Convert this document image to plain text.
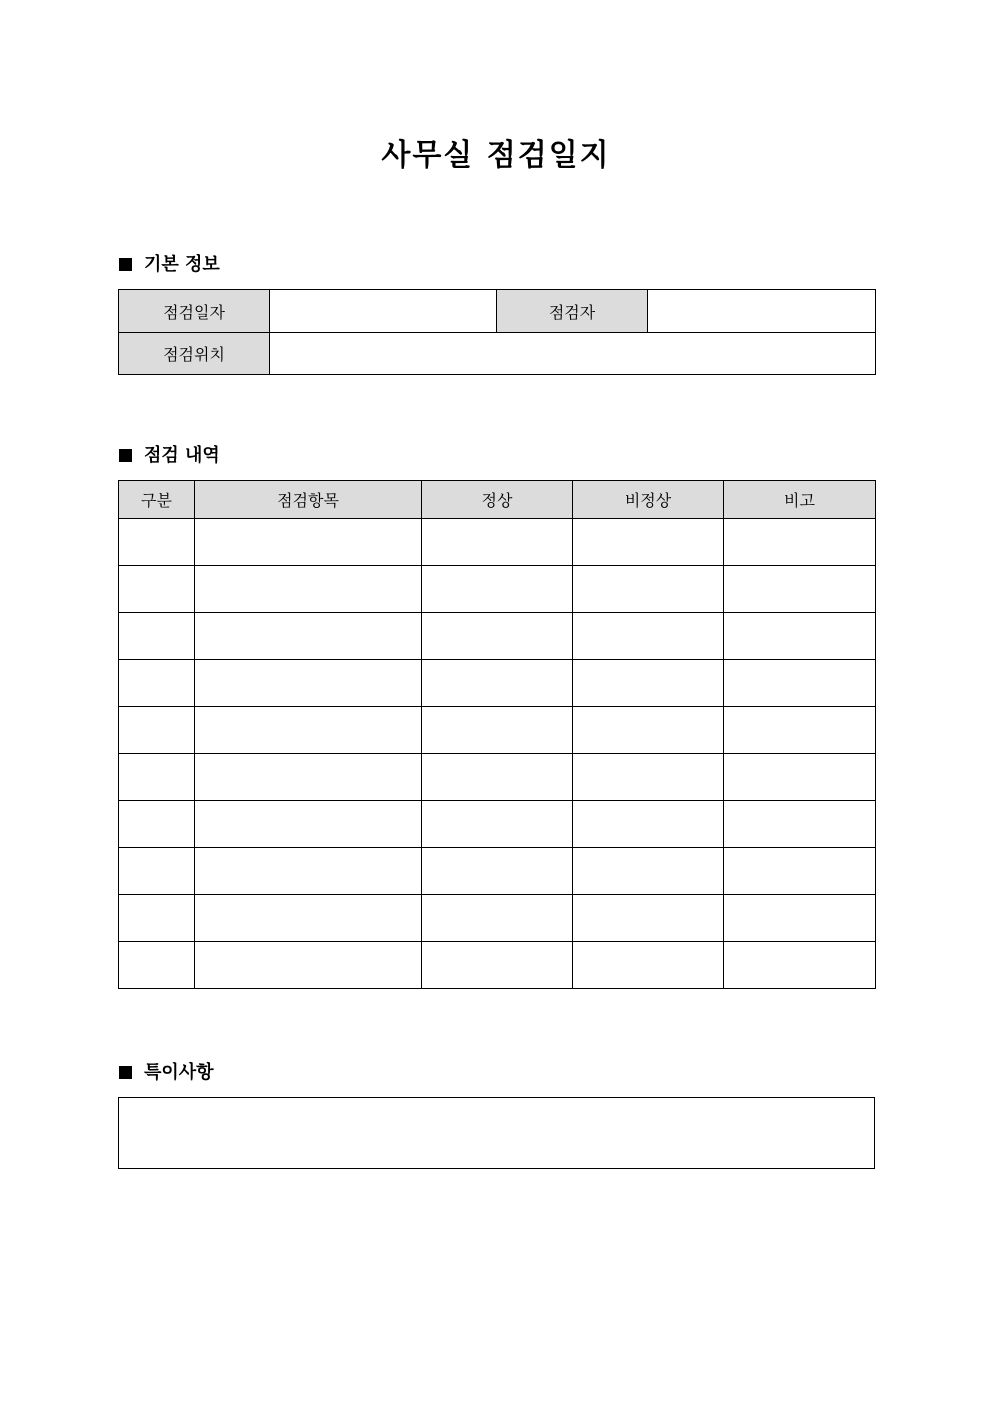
사무실 점검일지
기본 정보
점검일자		점검자	
점검위치			
점검 내역
구분	점검항목	정상	비정상	비고

특이사항
